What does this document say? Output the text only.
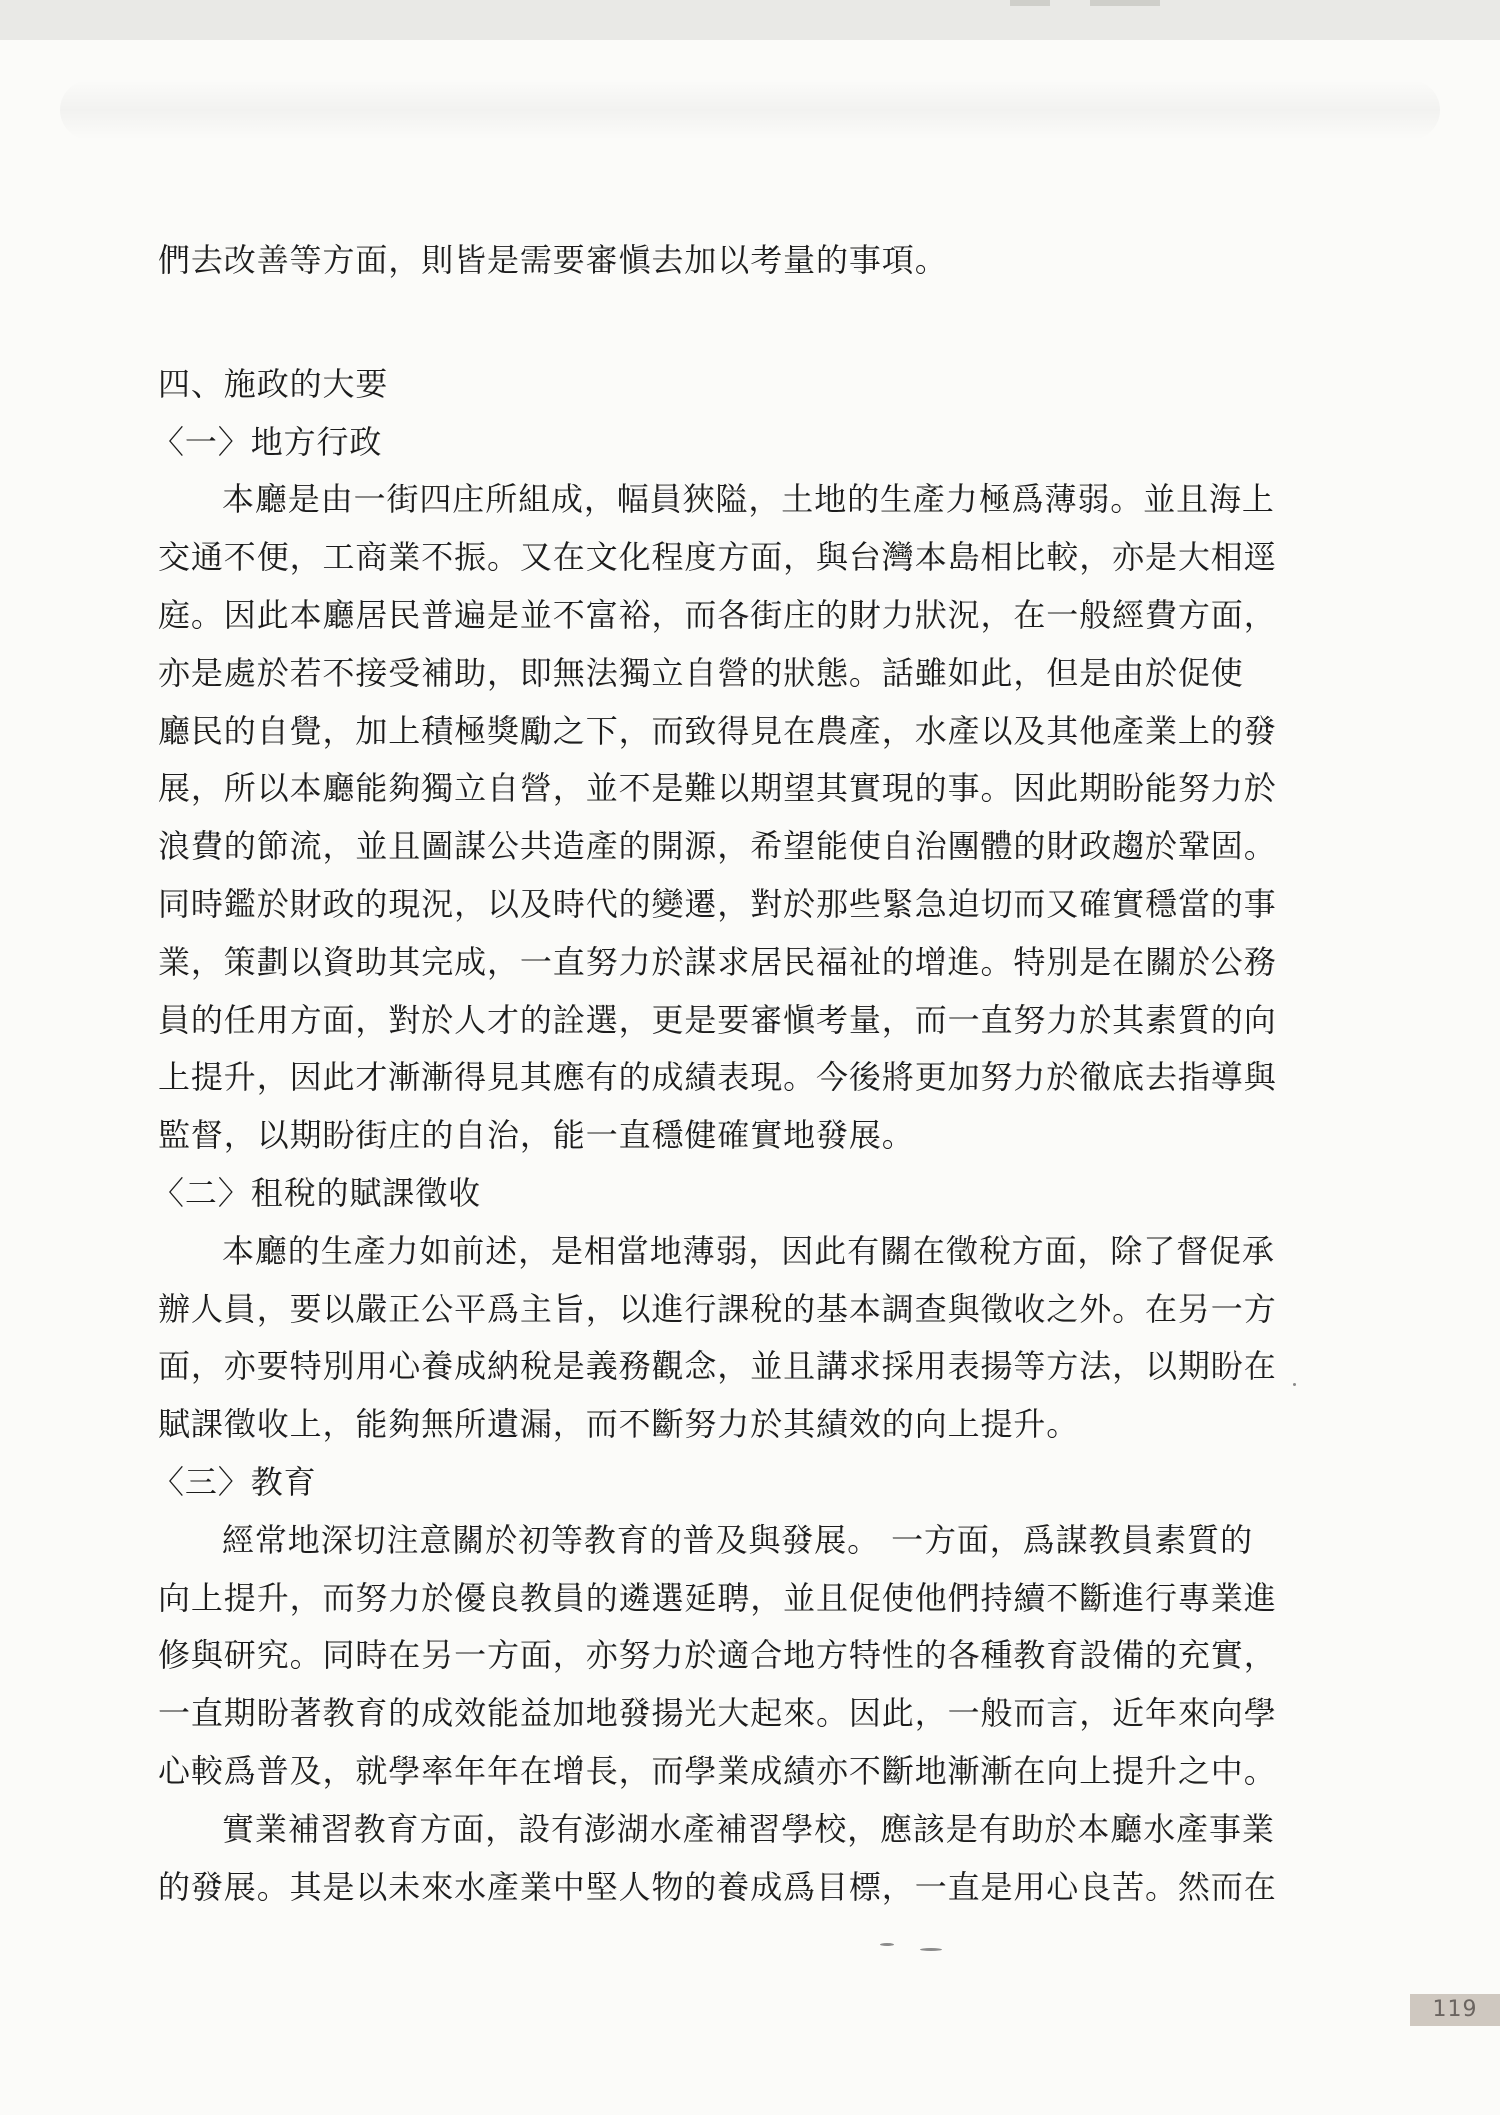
們去改善等方面，則皆是需要審愼去加以考量的事項。

四、施政的大要

〈一〉地方行政

本廳是由一街四庄所組成，幅員狹隘，土地的生產力極爲薄弱。並且海上

交通不便，工商業不振。又在文化程度方面，與台灣本島相比較，亦是大相逕

庭。因此本廳居民普遍是並不富裕，而各街庄的財力狀況，在一般經費方面，

亦是處於若不接受補助，即無法獨立自營的狀態。話雖如此，但是由於促使

廳民的自覺，加上積極獎勵之下，而致得見在農產，水產以及其他產業上的發

展，所以本廳能夠獨立自營，並不是難以期望其實現的事。因此期盼能努力於

浪費的節流，並且圖謀公共造產的開源，希望能使自治團體的財政趨於鞏固。

同時鑑於財政的現況，以及時代的變遷，對於那些緊急迫切而又確實穩當的事

業，策劃以資助其完成，一直努力於謀求居民福祉的增進。特別是在關於公務

員的任用方面，對於人才的詮選，更是要審愼考量，而一直努力於其素質的向

上提升，因此才漸漸得見其應有的成績表現。今後將更加努力於徹底去指導與

監督，以期盼街庄的自治，能一直穩健確實地發展。

〈二〉租稅的賦課徵收

本廳的生產力如前述，是相當地薄弱，因此有關在徵稅方面，除了督促承

辦人員，要以嚴正公平爲主旨，以進行課稅的基本調查與徵收之外。在另一方

面，亦要特別用心養成納稅是義務觀念，並且講求採用表揚等方法，以期盼在

賦課徵收上，能夠無所遺漏，而不斷努力於其績效的向上提升。

〈三〉教育

經常地深切注意關於初等教育的普及與發展。 一方面，爲謀教員素質的

向上提升，而努力於優良教員的遴選延聘，並且促使他們持續不斷進行專業進

修與研究。同時在另一方面，亦努力於適合地方特性的各種教育設備的充實，

一直期盼著教育的成效能益加地發揚光大起來。因此，一般而言，近年來向學

心較爲普及，就學率年年在增長，而學業成績亦不斷地漸漸在向上提升之中。

實業補習教育方面，設有澎湖水產補習學校，應該是有助於本廳水產事業

的發展。其是以未來水產業中堅人物的養成爲目標，一直是用心良苦。然而在

119
